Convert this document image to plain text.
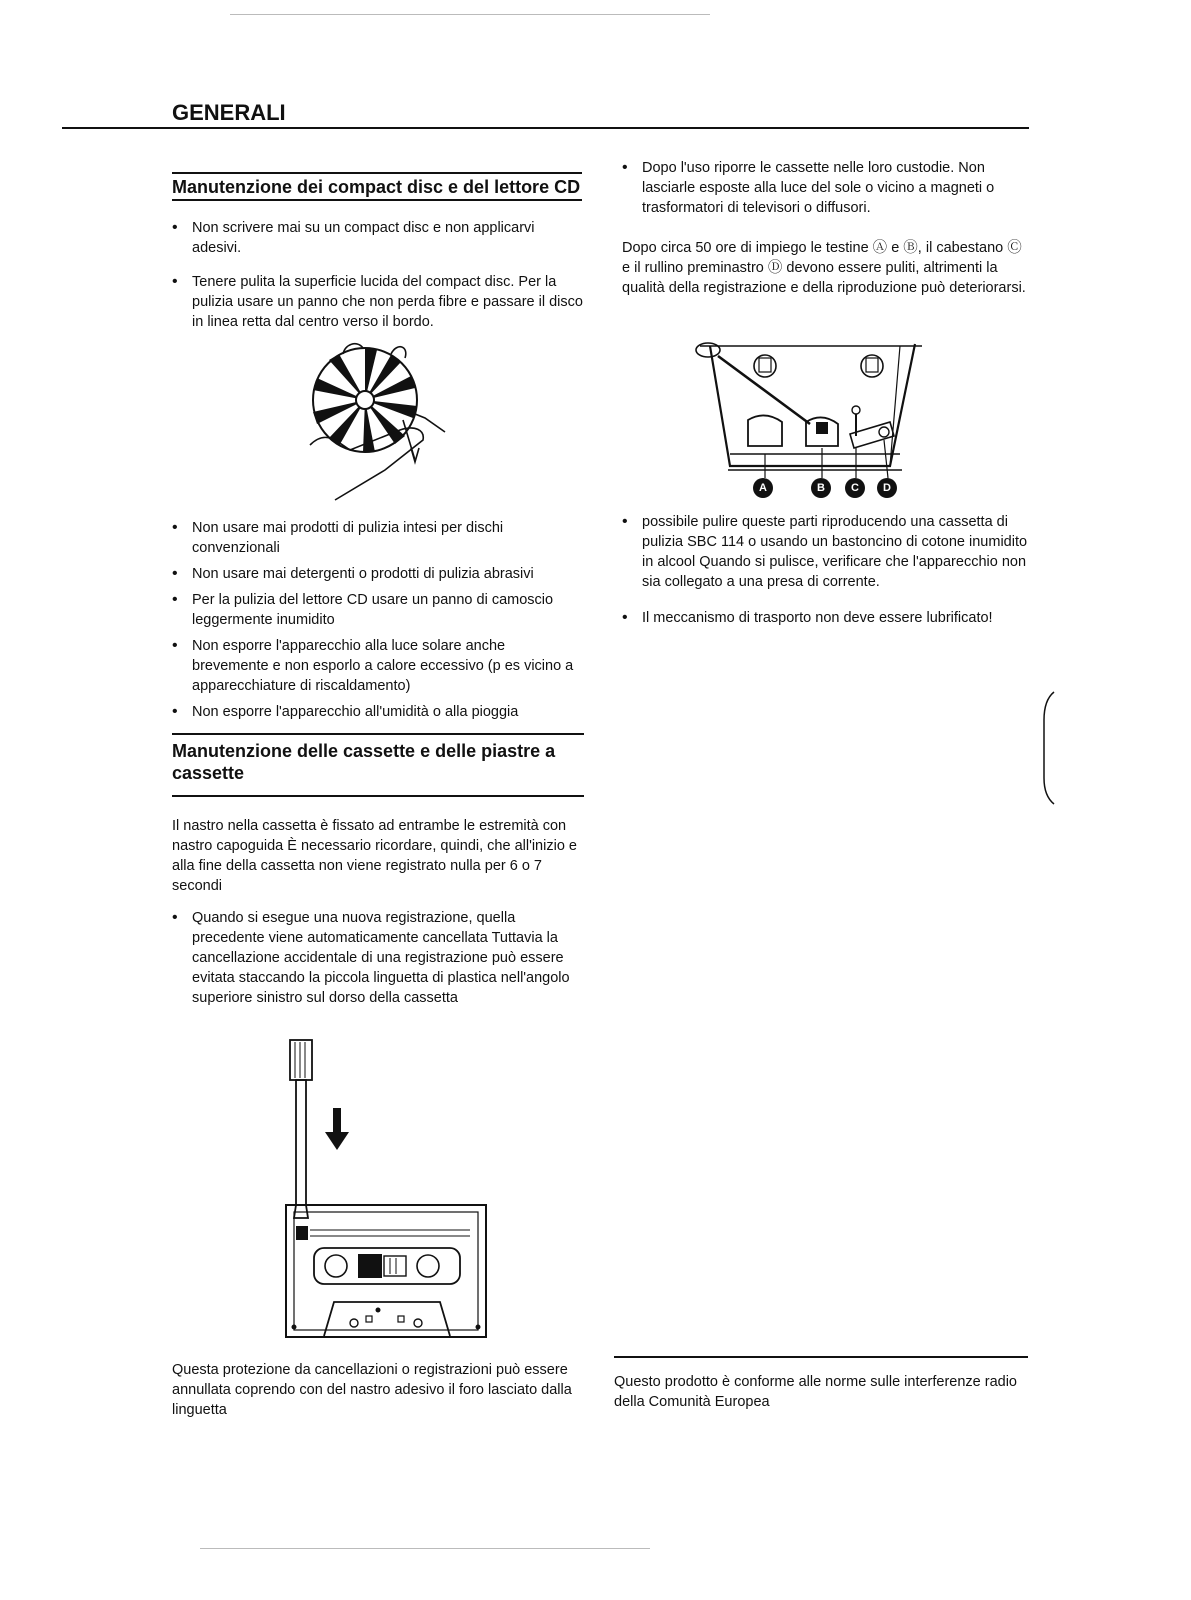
GENERALI
Manutenzione dei compact disc e del lettore CD
• Non scrivere mai su un compact disc e non applicarvi adesivi.
• Tenere pulita la superficie lucida del compact disc. Per la pulizia usare un panno che non perda fibre e passare il disco in linea retta dal centro verso il bordo.
• Non usare mai prodotti di pulizia intesi per dischi convenzionali
• Non usare mai detergenti o prodotti di pulizia abrasivi
• Per la pulizia del lettore CD usare un panno di camoscio leggermente inumidito
• Non esporre l'apparecchio alla luce solare anche brevemente e non esporlo a calore eccessivo (p es vicino a apparecchiature di riscaldamento)
• Non esporre l'apparecchio all'umidità o alla pioggia
Manutenzione delle cassette e delle piastre a cassette
Il nastro nella cassetta è fissato ad entrambe le estremità con nastro capoguida È necessario ricordare, quindi, che all'inizio e alla fine della cassetta non viene registrato nulla per 6 o 7 secondi
• Quando si esegue una nuova registrazione, quella precedente viene automaticamente cancellata Tuttavia la cancellazione accidentale di una registrazione può essere evitata staccando la piccola linguetta di plastica nell'angolo superiore sinistro sul dorso della cassetta
Questa protezione da cancellazioni o registrazioni può essere annullata coprendo con del nastro adesivo il foro lasciato dalla linguetta
• Dopo l'uso riporre le cassette nelle loro custodie. Non lasciarle esposte alla luce del sole o vicino a magneti o trasformatori di televisori o diffusori.
Dopo circa 50 ore di impiego le testine Ⓐ e Ⓑ, il cabestano Ⓒ e il rullino preminastro Ⓓ devono essere puliti, altrimenti la qualità della registrazione e della riproduzione può deteriorarsi.
A	B	C	D
• possibile pulire queste parti riproducendo una cassetta di pulizia SBC 114 o usando un bastoncino di cotone inumidito in alcool Quando si pulisce, verificare che l'apparecchio non sia collegato a una presa di corrente.
• Il meccanismo di trasporto non deve essere lubrificato!
Questo prodotto è conforme alle norme sulle interferenze radio della Comunità Europea
